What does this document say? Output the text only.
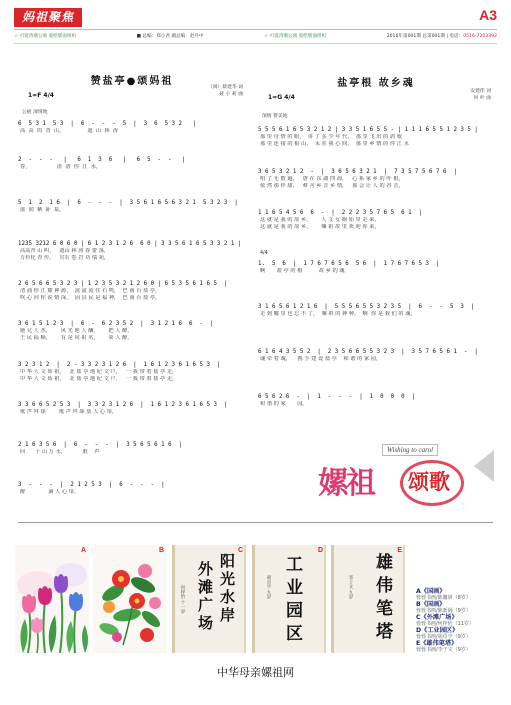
妈祖聚焦	A3
☆ 可爱湾潮公演 爱绘版面组织	■ 总编：郑小君 副总编：赵丹中	☆ 可爱湾潮公演 爱绘版面组织	2016年第001期 总第001期 | 电话：0516-7203392
赞盐亭●颂妈祖
（闽）蔡建华 词
聂 小 莉 曲
1=F 4/4
公板 深情地
6  5 3 1  5 3  |  6  -  -  -  5  |  3  6  5 3 2   |
高  高  的  青  山，              遮  山  林  涛
2  -  -  -   |   6  1  3  6   |   6  5  -  -   |
春，                清  清  你  江  水，
5  1  2  1 6  |  6  -  -  -  |  3 5 6 1 6 5 6 3 2 1  5 3 2 3  |
滋  润  栖  卧  泉。
1235 3212 6 0 6 0 | 6 1 2 3 1 2 6  6 0 | 3 3 5 6 1 6 5 3 3 2 1 |
高高青 山 叫，   遮山 林 涛 春 蕾 荡，
万杉化 青 传，   宣石 卷 岩 功 绩 苑，
2 6 5 6 6 5 3 2 3 | 1 2 3 5 3 2 1 2 6 0 | 6 5 3 5 6 1 6 5  |
清 浦 你 江 耀 神 源，  滋 滋 流 住 石 鸣，  巴 南 台 盐 亭，
吹 心 问 你 说 情 深，  固 县 民 是 福 神，  巴 南 台 盐 亭，
3 6 1 5 1 2 3  |  6  -  6 2 3 5 2  |  3 1 2 1 6  6  -  |
她 兄 人 杰，      风 光 地 人 酬，      把 人 醉，
王 民 福 顺，      有 是 同 祖 名，      荣 人 醉，
3 2 3 1 2  |  2 - 3 3 2 3 1 2 6  |  1 6 1 2 3 6 1 6 5 3  |
中 华 人 文 始 祖，   北 盐 亭 地 纪 文 户，   一 我 带 着 盐 亭 走，
中 华 人 文 始 祖，   北 盐 亭 地 纪 文 户，   一 我 带 着 盐 亭 走，
3 3 6 6 5 2 5 3  |  3 3 2 3 1 2 6  |  1 6 1 2 3 6 1 6 5 3  |
歌 声 拜 颂        歌 声 拜 颂 放 人 心 扉，
2 1 6 3 5 6  |  6  -  -  -  |  3 5 6 5 6 1 6  |
回      十 山 万 水，          歌    声
3  -  -  -  |  2 1 2 5 3  |  6  -  -  -  |
醉              滴 人 心 扉，
盐亭根 故乡魂
安建伟 词
何 叶 曲
1=G 4/4
深情 赞美地
4/4
5 5 5 6 1 6 5 3 2 1 2 | 3 3 5 1 6 5 5 - | 1 1 1 6 5 5 1 2 3 5 |
那 里 母 情 的 眼，  讲 了 多 少 年 代，  那 里 飞 出 的 鸽 歌
那 里 连 接 的 根 山，  永 驻 我 心 间，  那 里 乡 情 的 你 江 水
3 6 5 3 2 1 2  -  |  3 6 5 6 3 2 1  |  7 3 5 7 5 6 7 6  |
唱 了 无 数 遍，   唐 在 东 湖 四 海，   心 系 家 乡 的 叶 根，
依 然 那 样 甜，   难 舍 乡 音 乡 情，   那 会 让 人 的 谷 音，
1 1 6 5 4 5 6  6  -  |  2 2 2 3 5 7 6 5  6 1  |
这 就 是 我 的 故 乡，      人 文 女 娲 始 里 走 来，
这 就 是 我 的 故 乡，      嫘 祖 故 里 欢 迎 你 来，
1.  5  6  |  1 7 6 7 6 5 6  5 6  |  1 7 6 7 6 5 3  |
啊       盐 亭 的 根          故 乡 的 魂
3 1 6 5 6 1 2 1 6  |  5 5 5 6 5 5 3 2 3 5  |  6  -  -  5  3  |
走 到 哪 里 也 忘 不 了，  嫘 祖 的 神 种。  啊  你 是 我 们 的 魂，
6 1 6 4 3 5 5 2  |  2 3 5 6 6 5 5 3 2 3  |  3 5 7 6 5 6 1  -  |
魂 牵 着 魂，    携 手 建 设 盐 亭    和 谐 的 家 园，
6 5 6 2 6  -  |  1  -  -  -  |  1  0  0  0  |
和 谐 的 家       园。
嫘祖 颂歌
Wishing to carol
A	B
阳光水岸
外滩广场
何梓怡 十一岁
C
工业园区
胡卓亨 九岁
D
雄伟笔塔
李子文 九岁
E
A《国画》
蓉蓉书画/陈馨妍（8岁）
B《国画》
蓉蓉书画/陈新阔（9岁）
C《外滩广场》
蓉蓉书画/何梓怡（11岁）
D《工业园区》
蓉蓉书画/胡卓亨（9岁）
E《雄伟笔塔》
蓉蓉书画/李子文（9岁）
中华母亲嫘祖网
